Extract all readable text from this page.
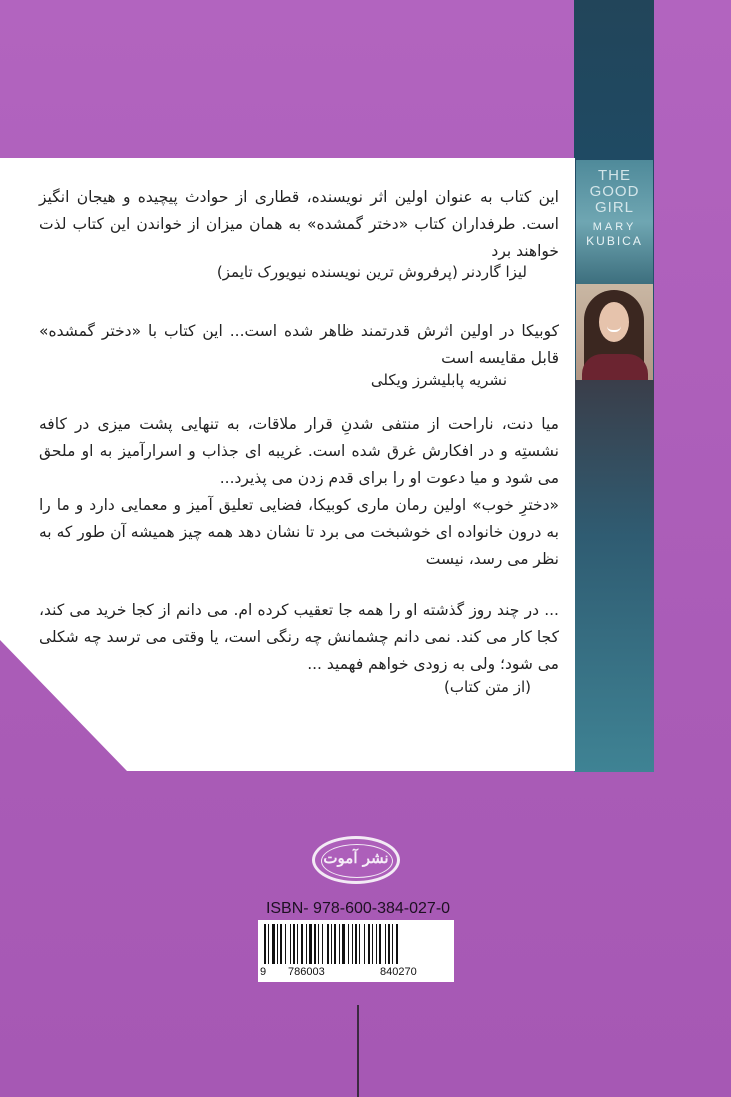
THE
GOOD
GIRL
MARY
KUBICA

این کتاب به عنوان اولین اثر نویسنده، قطاری از حوادث پیچیده و هیجان انگیز است. طرفداران کتاب «دختر گمشده» به همان میزان از خواندن این کتاب لذت خواهند برد

لیزا گاردنر (پرفروش ترین نویسنده نیویورک تایمز)

کوبیکا در اولین اثرش قدرتمند ظاهر شده است... این کتاب با «دختر گمشده» قابل مقایسه است

نشریه پابلیشرز ویکلی

میا دنت، ناراحت از منتفی شدنِ قرار ملاقات، به تنهایی پشت میزی در کافه نشستِه و در افکارش غرق شده است. غریبه ای جذاب و اسرارآمیز به او ملحق می شود و میا دعوت او را برای قدم زدن می پذیرد...

«دخترِ خوب» اولین رمان ماری کوبیکا، فضایی تعلیق آمیز و معمایی دارد و ما را به درون خانواده ای خوشبخت می برد تا نشان دهد همه چیز همیشه آن طور که به نظر می رسد، نیست

... در چند روز گذشته او را همه جا تعقیب کرده ام. می دانم از کجا خرید می کند، کجا کار می کند. نمی دانم چشمانش چه رنگی است، یا وقتی می ترسد چه شکلی می شود؛ ولی به زودی خواهم فهمید ...

(از متن کتاب)
نشر آموت
ISBN- 978-600-384-027-0
9 786003	840270
